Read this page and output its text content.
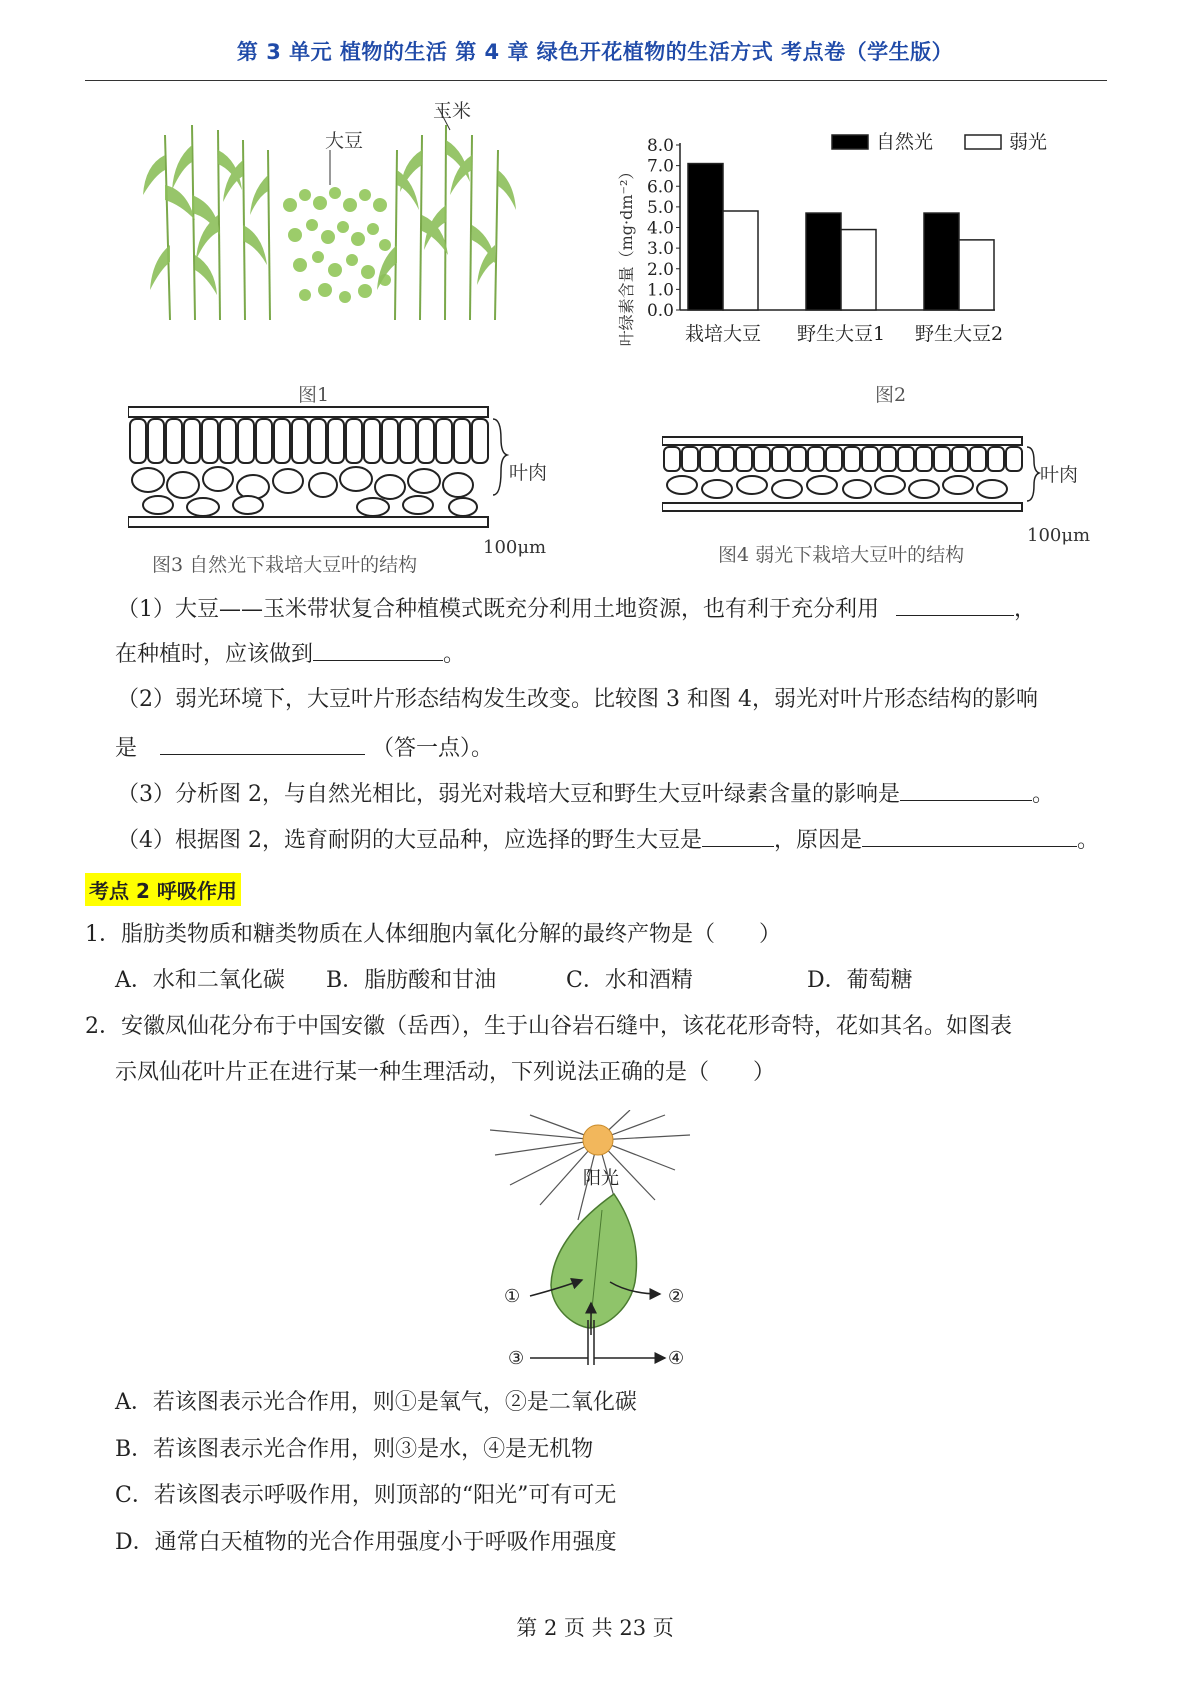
第 3 单元 植物的生活 第 4 章 绿色开花植物的生活方式 考点卷（学生版）
玉米
大豆
图1
叶绿素含量（mg·dm⁻²） 0.0
1.0
2.0
3.0
4.0
5.0
6.0
7.0
8.0
栽培大豆 野生大豆1 野生大豆2
自然光	弱光
图2
叶肉
100μm
图3 自然光下栽培大豆叶的结构
叶肉
100μm
图4 弱光下栽培大豆叶的结构
（1）大豆——玉米带状复合种植模式既充分利用土地资源，也有利于充分利用	，
在种植时，应该做到	。
（2）弱光环境下，大豆叶片形态结构发生改变。比较图 3 和图 4，弱光对叶片形态结构的影响
是	（答一点）。
（3）分析图 2，与自然光相比，弱光对栽培大豆和野生大豆叶绿素含量的影响是	。
（4）根据图 2，选育耐阴的大豆品种，应选择的野生大豆是	，原因是	。
考点 2 呼吸作用
1．脂肪类物质和糖类物质在人体细胞内氧化分解的最终产物是（　　）
A．水和二氧化碳 B．脂肪酸和甘油	C．水和酒精	D．葡萄糖
2．安徽凤仙花分布于中国安徽（岳西），生于山谷岩石缝中，该花花形奇特，花如其名。如图表
示凤仙花叶片正在进行某一种生理活动，下列说法正确的是（　　）
阳光
①	②
③	④
A．若该图表示光合作用，则①是氧气，②是二氧化碳
B．若该图表示光合作用，则③是水，④是无机物
C．若该图表示呼吸作用，则顶部的“阳光”可有可无
D．通常白天植物的光合作用强度小于呼吸作用强度
第 2 页 共 23 页
